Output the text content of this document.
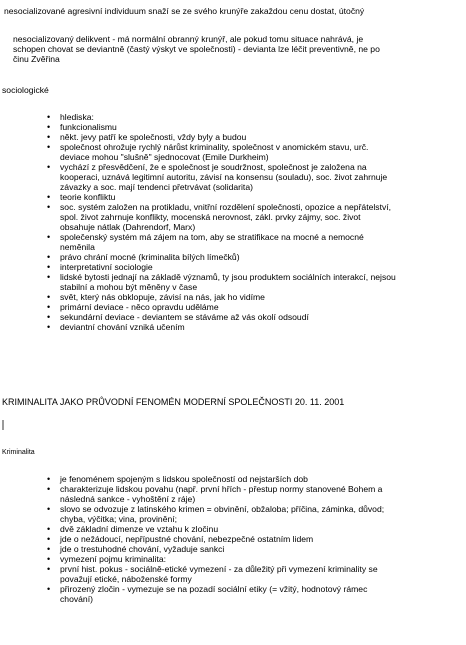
nesocializované agresivní individuum snaží se ze svého krunýře zakaždou cenu dostat, útočný
nesocializovaný delikvent - má normální obranný krunýř, ale pokud tomu situace nahrává, je
schopen chovat se deviantně (častý výskyt ve společnosti) - devianta lze léčit preventivně, ne po
činu Zvěřina
sociologické
• hlediska:
• funkcionalismu
• někt. jevy patří ke společnosti, vždy byly a budou
• společnost ohrožuje rychlý nárůst kriminality, společnost v anomickém stavu, urč.
deviace mohou "slušně" sjednocovat (Emile Durkheim)
• vychází z přesvědčení, že e společnost je soudržnost, společnost je založena na
kooperaci, uznává legitimní autoritu, závisí na konsensu (souladu), soc. život zahrnuje
závazky a soc. mají tendenci přetrvávat (solidarita)
• teorie konfliktu
• soc. systém založen na protikladu, vnitřní rozdělení společnosti, opozice a nepřátelství,
spol. život zahrnuje konflikty, mocenská nerovnost, zákl. prvky zájmy, soc. život
obsahuje nátlak (Dahrendorf, Marx)
• společenský systém má zájem na tom, aby se stratifikace na mocné a nemocné
neměnila
• právo chrání mocné (kriminalita bílých límečků)
• interpretativní sociologie
• lidské bytosti jednají na základě významů, ty jsou produktem sociálních interakcí, nejsou
stabilní a mohou být měněny v čase
• svět, který nás obklopuje, závisí na nás, jak ho vidíme
• primární deviace - něco opravdu uděláme
• sekundární deviace - deviantem se stáváme až vás okolí odsoudí
• deviantní chování vzniká učením
KRIMINALITA JAKO PRŮVODNÍ FENOMÉN MODERNÍ SPOLEČNOSTI 20. 11. 2001
Kriminalita
• je fenoménem spojeným s lidskou společností od nejstarších dob
• charakterizuje lidskou povahu (např. první hřích - přestup normy stanovené Bohem a
následná sankce - vyhoštění z ráje)
• slovo se odvozuje z latinského krimen = obvinění, obžaloba; příčina, záminka, důvod;
chyba, výčitka; vina, provinění;
• dvě základní dimenze ve vztahu k zločinu
• jde o nežádoucí, nepřípustné chování, nebezpečné ostatním lidem
• jde o trestuhodné chování, vyžaduje sankci
• vymezení pojmu kriminalita:
• první hist. pokus - sociálně-etické vymezení - za důležitý při vymezení kriminality se
považují etické, náboženské formy
• přirozený zločin - vymezuje se na pozadí sociální etiky (= vžitý, hodnotový rámec
chování)
